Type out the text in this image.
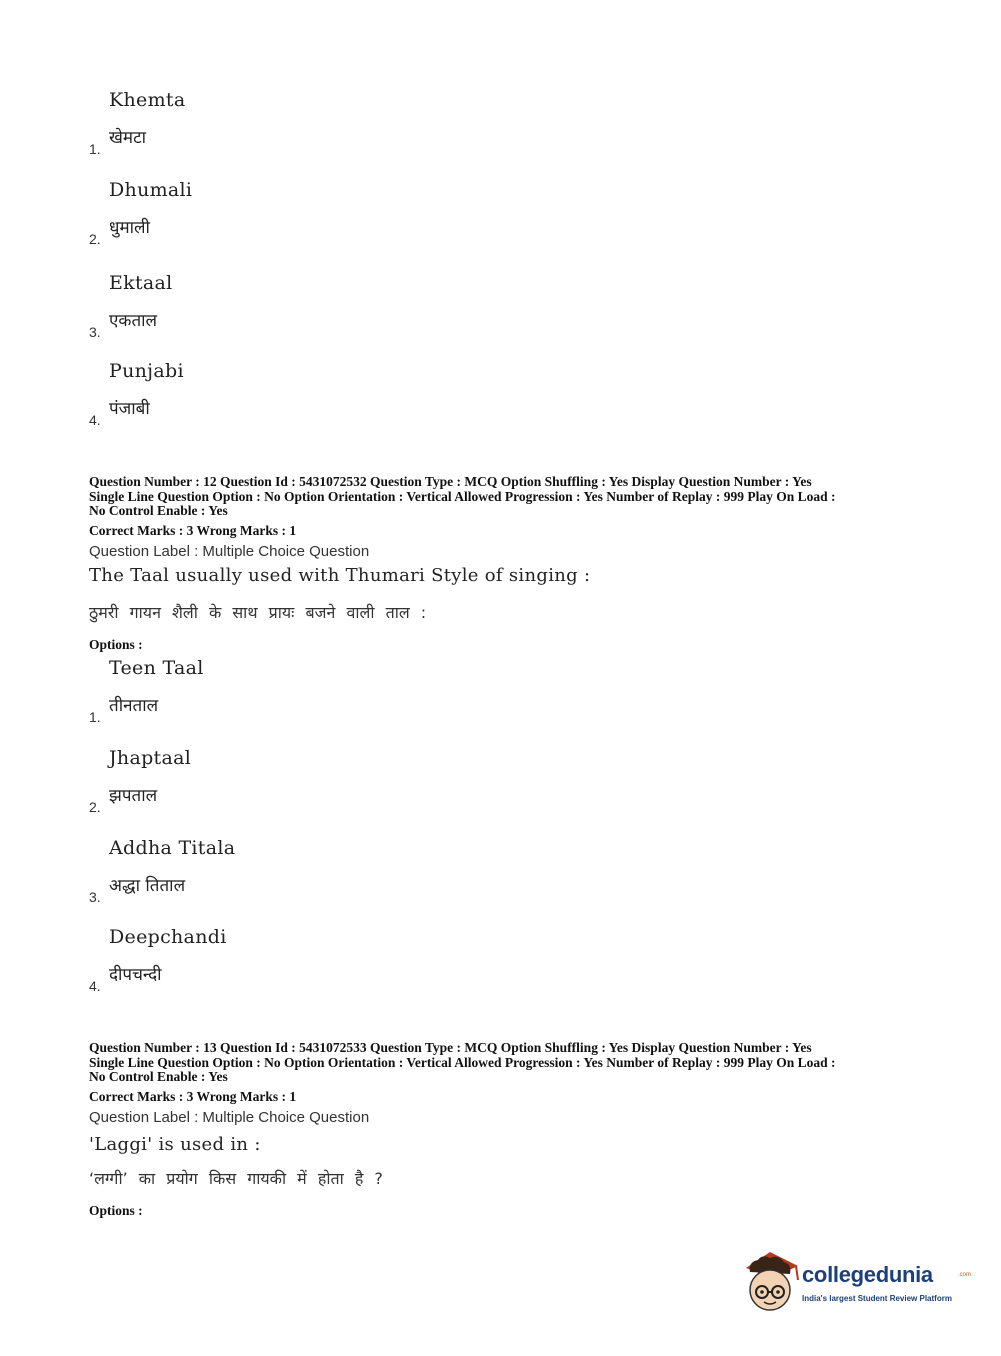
Khemta
खेमटा
1.
Dhumali
धुमाली
2.
Ektaal
एकताल
3.
Punjabi
पंजाबी
4.
Question Number : 12 Question Id : 5431072532 Question Type : MCQ Option Shuffling : Yes Display Question Number : Yes
Single Line Question Option : No Option Orientation : Vertical Allowed Progression : Yes Number of Replay : 999 Play On Load :
No Control Enable : Yes
Correct Marks : 3 Wrong Marks : 1
Question Label : Multiple Choice Question
The Taal usually used with Thumari Style of singing :
ठुमरी गायन शैली के साथ प्रायः बजने वाली ताल :
Options :
Teen Taal
तीनताल
1.
Jhaptaal
झपताल
2.
Addha Titala
अद्धा तिताल
3.
Deepchandi
दीपचन्दी
4.
Question Number : 13 Question Id : 5431072533 Question Type : MCQ Option Shuffling : Yes Display Question Number : Yes
Single Line Question Option : No Option Orientation : Vertical Allowed Progression : Yes Number of Replay : 999 Play On Load :
No Control Enable : Yes
Correct Marks : 3 Wrong Marks : 1
Question Label : Multiple Choice Question
'Laggi' is used in :
‘लग्गी’ का प्रयोग किस गायकी में होता है ?
Options :
collegedunia	.com
India's largest Student Review Platform
